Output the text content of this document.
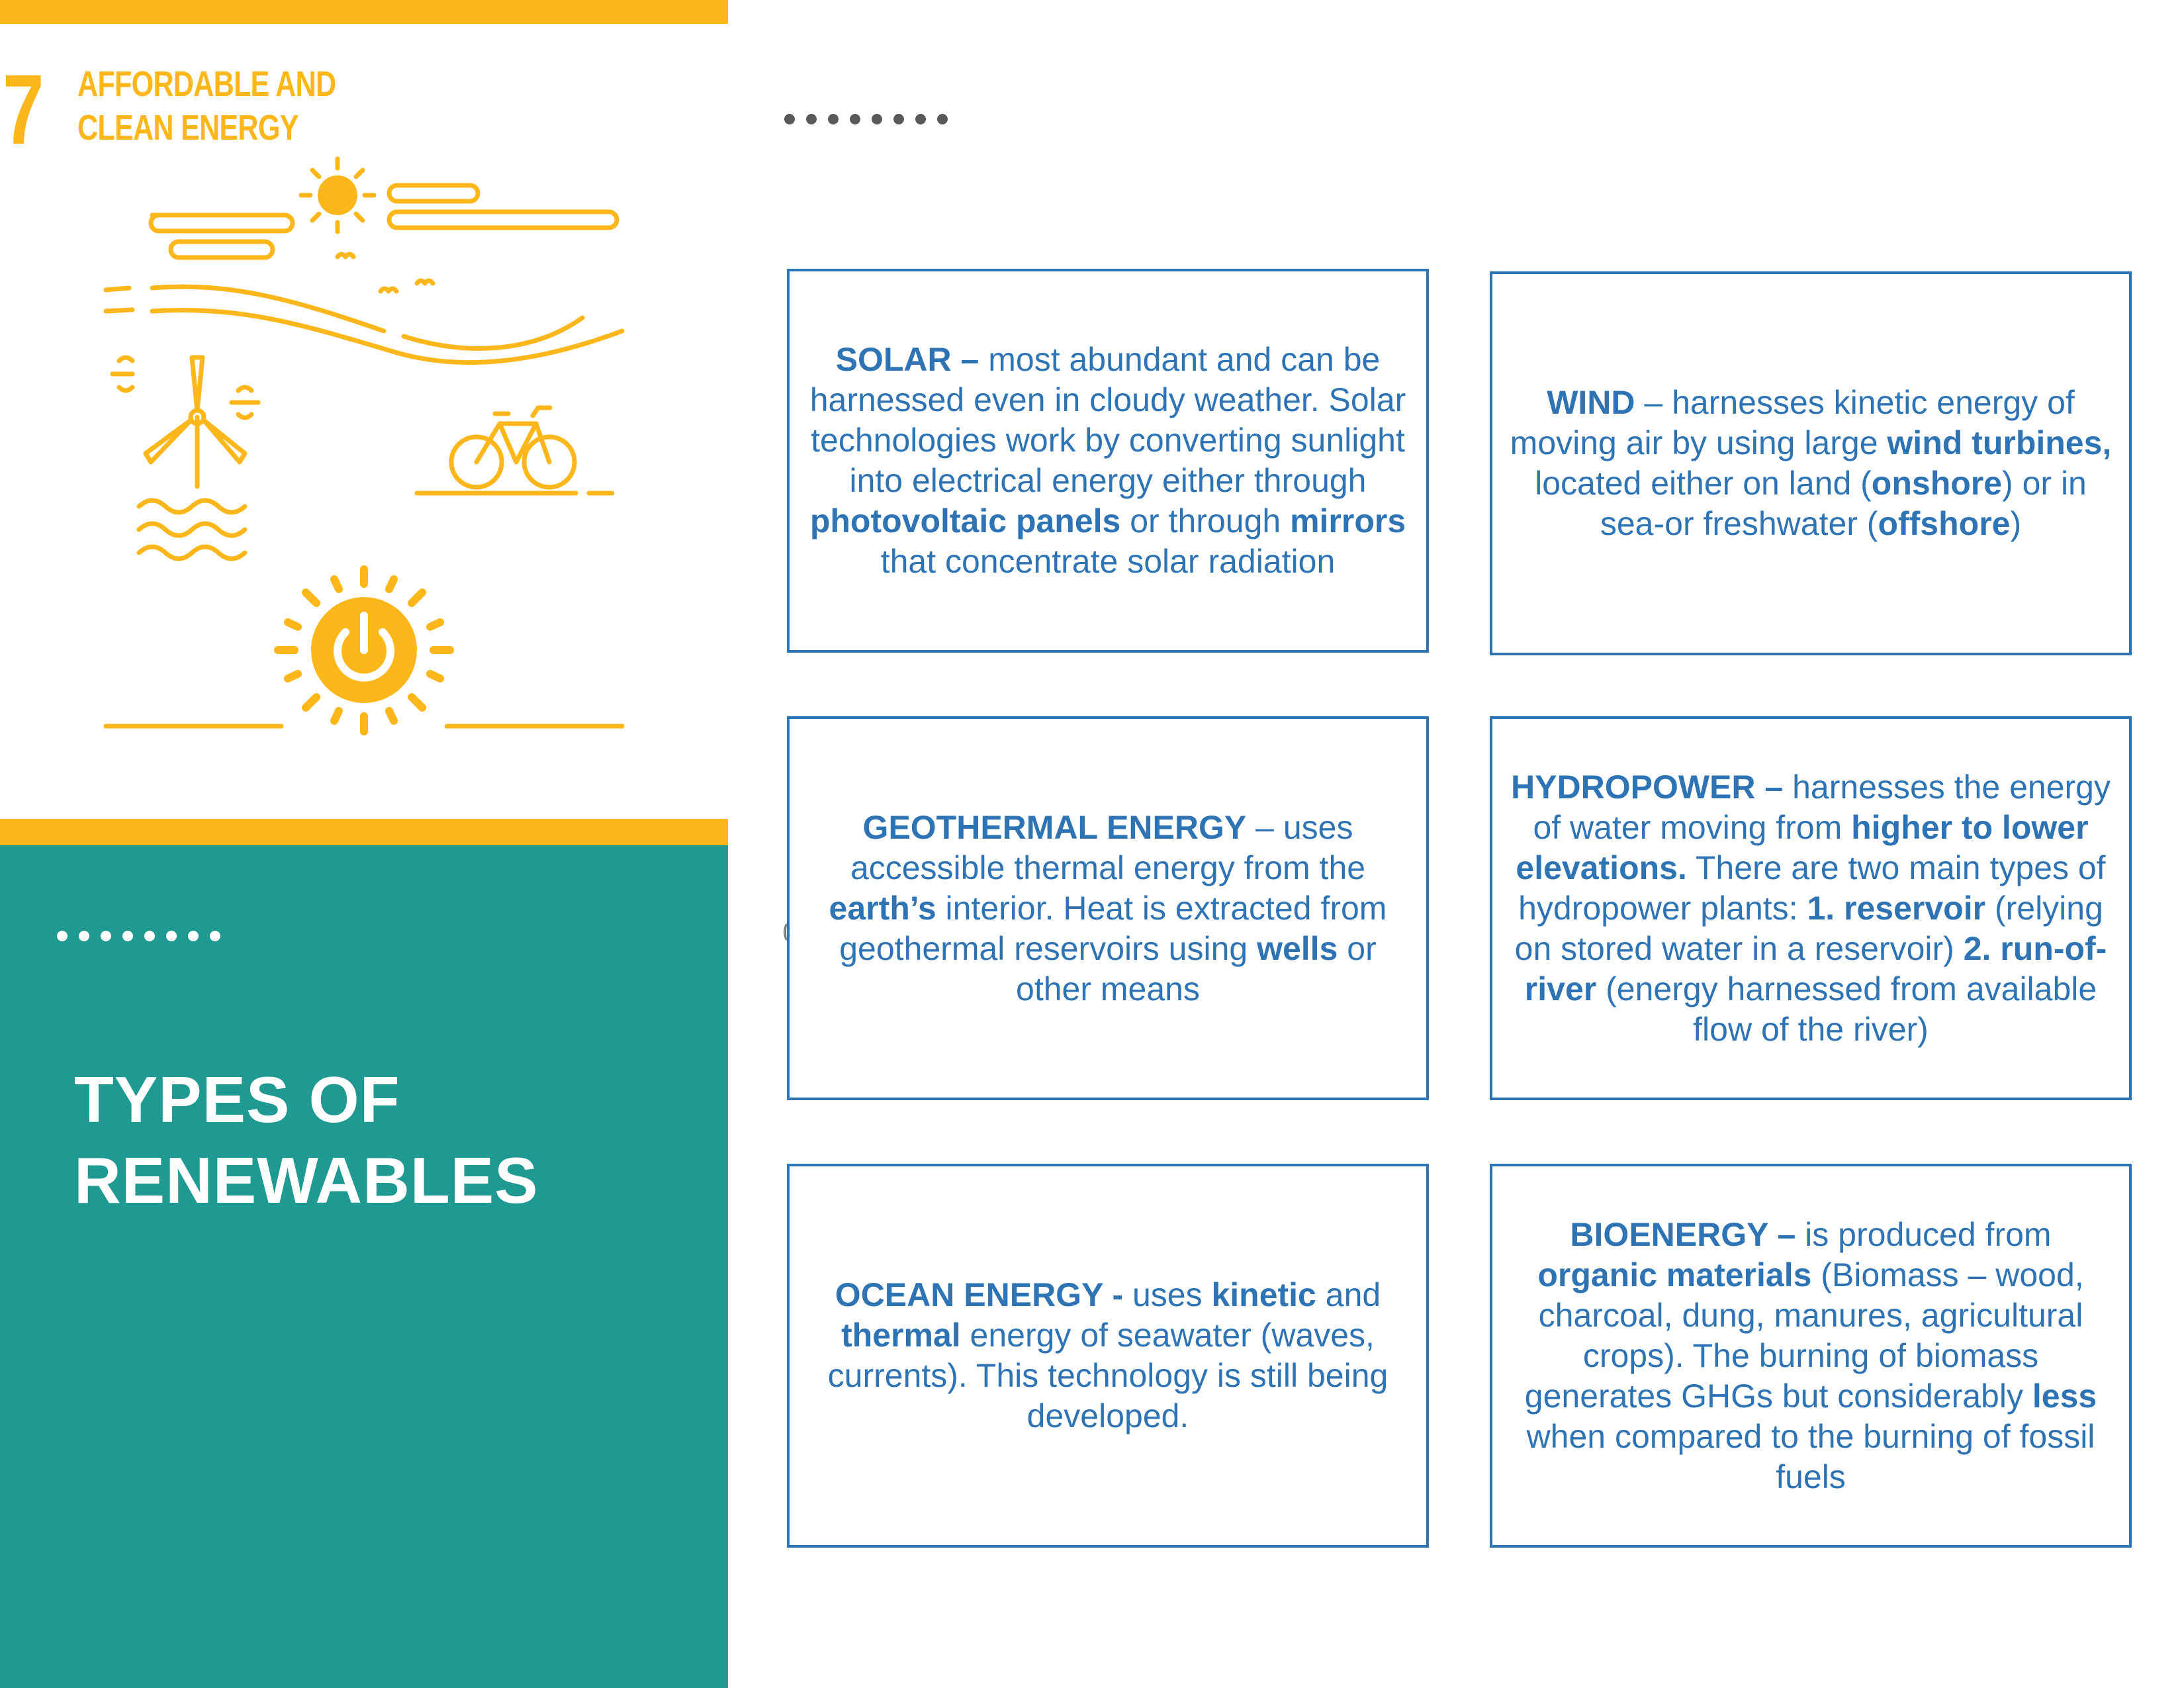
7 AFFORDABLE AND
CLEAN ENERGY
TYPES OF
RENEWABLES

SOLAR – most abundant and can be harnessed even in cloudy weather. Solar technologies work by converting sunlight into electrical energy either through photovoltaic panels or through mirrors that concentrate solar radiation

WIND – harnesses kinetic energy of moving air by using large wind turbines, located either on land (onshore) or in sea-or freshwater (offshore)

GEOTHERMAL ENERGY – uses accessible thermal energy from the earth’s interior. Heat is extracted from geothermal reservoirs using wells or other means

HYDROPOWER – harnesses the energy of water moving from higher to lower elevations. There are two main types of hydropower plants: 1. reservoir (relying on stored water in a reservoir) 2. run-of-river (energy harnessed from available flow of the river)

OCEAN ENERGY - uses kinetic and thermal energy of seawater (waves, currents). This technology is still being developed.

BIOENERGY – is produced from organic materials (Biomass – wood, charcoal, dung, manures, agricultural crops). The burning of biomass generates GHGs but considerably less when compared to the burning of fossil fuels
